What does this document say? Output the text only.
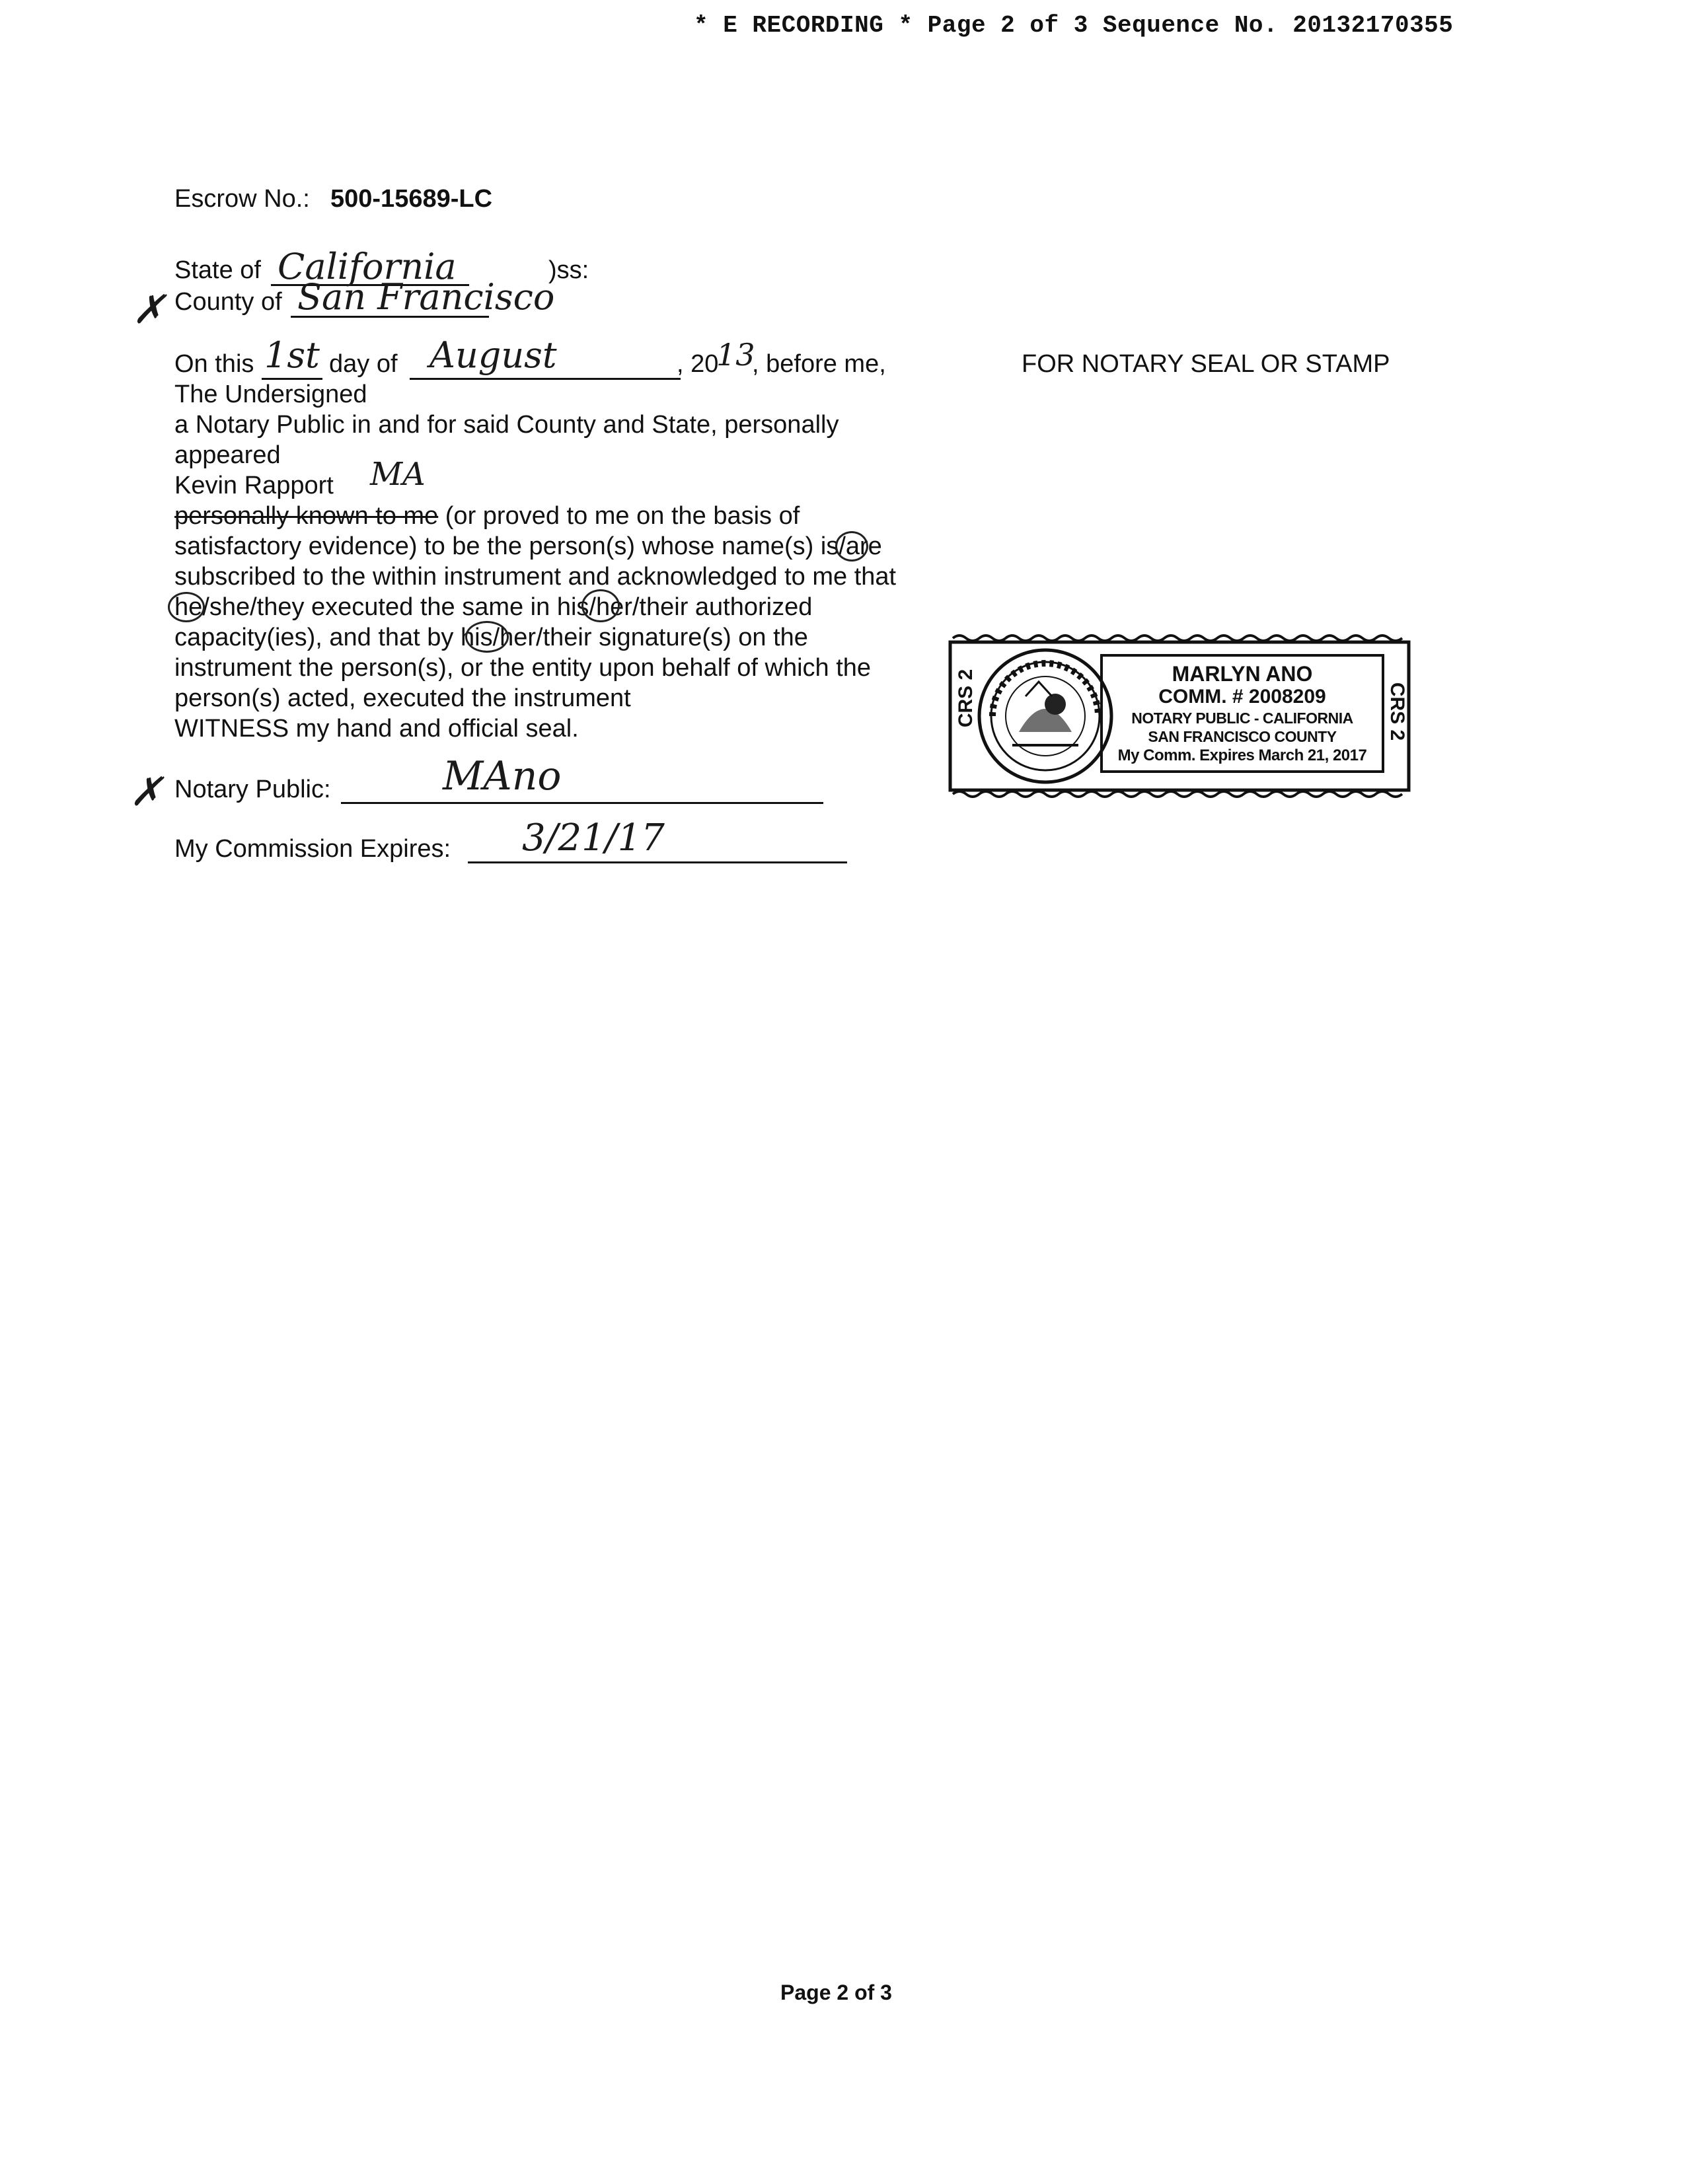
* E RECORDING * Page 2 of 3 Sequence No. 20132170355
Escrow No.: 500-15689-LC
State of California	)ss:
✗ County of San Francisco
On this 1st day of August	, 20
13
, before me,	FOR NOTARY SEAL OR STAMP
The Undersigned
a Notary Public in and for said County and State, personally
appeared
Kevin Rapport MA
personally known to me (or proved to me on the basis of
satisfactory evidence) to be the person(s) whose name(s) is/are
subscribed to the within instrument and acknowledged to me that
he/she/they executed the same in his/her/their authorized
capacity(ies), and that by his/her/their signature(s) on the
instrument the person(s), or the entity upon behalf of which the
person(s) acted, executed the instrument
WITNESS my hand and official seal.
✗ Notary Public:	MAno
My Commission Expires: 3/21/17
CRS 2	CRS 2
MARLYN ANO
COMM. # 2008209
NOTARY PUBLIC - CALIFORNIA
SAN FRANCISCO COUNTY
My Comm. Expires March 21, 2017
Page 2 of 3
